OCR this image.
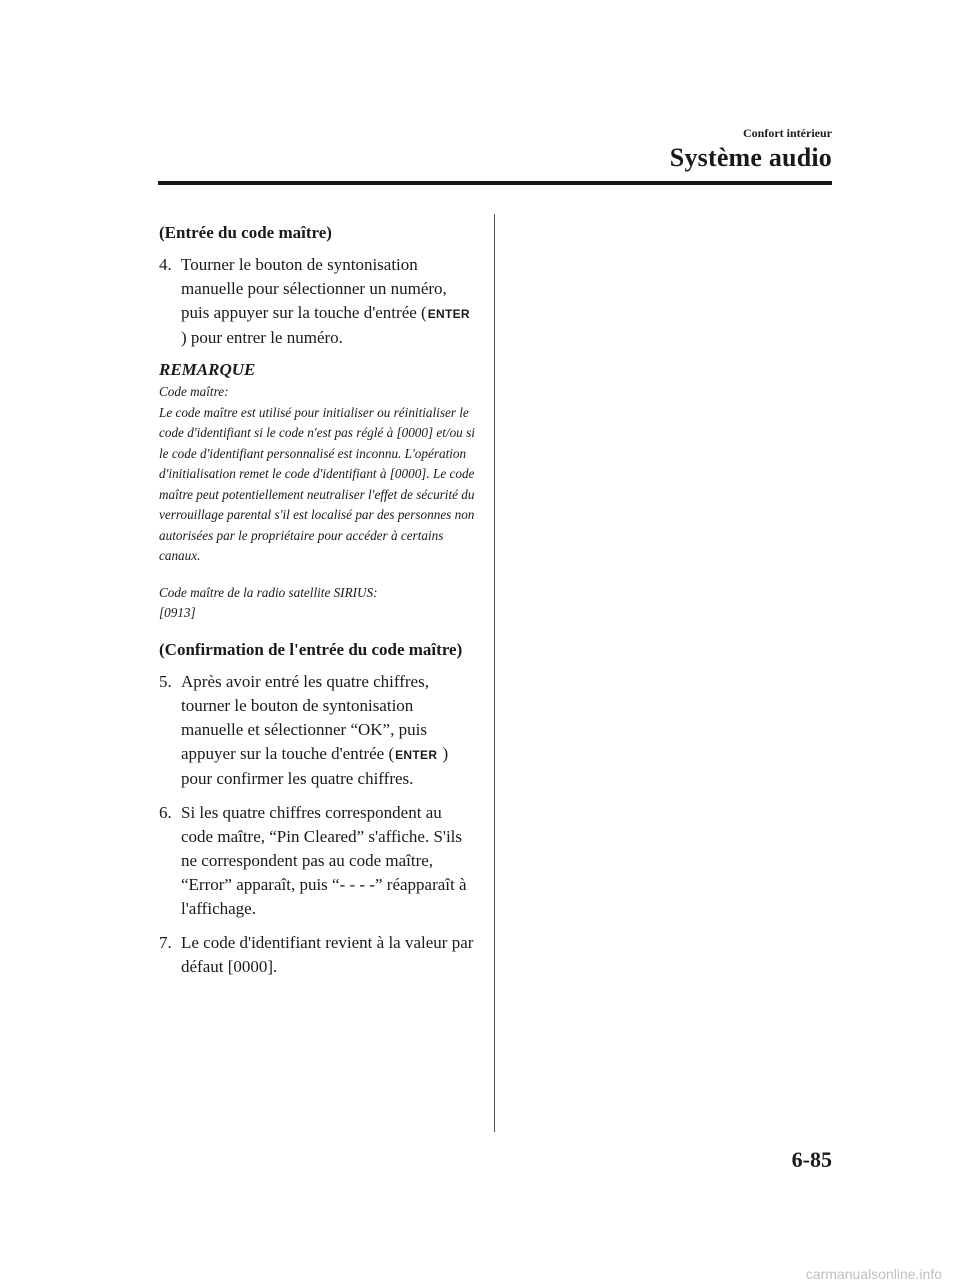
Confort intérieur
Système audio
(Entrée du code maître)
4. Tourner le bouton de syntonisation manuelle pour sélectionner un numéro, puis appuyer sur la touche d'entrée (ENTER ) pour entrer le numéro.
REMARQUE

Code maître:

Le code maître est utilisé pour initialiser ou réinitialiser le code d'identifiant si le code n'est pas réglé à [0000] et/ou si le code d'identifiant personnalisé est inconnu. L'opération d'initialisation remet le code d'identifiant à [0000]. Le code maître peut potentiellement neutraliser l'effet de sécurité du verrouillage parental s'il est localisé par des personnes non autorisées par le propriétaire pour accéder à certains canaux.

Code maître de la radio satellite SIRIUS:

[0913]

(Confirmation de l'entrée du code maître)
5. Après avoir entré les quatre chiffres, tourner le bouton de syntonisation manuelle et sélectionner “OK”, puis appuyer sur la touche d'entrée (ENTER ) pour confirmer les quatre chiffres.
6. Si les quatre chiffres correspondent au code maître, “Pin Cleared” s'affiche. S'ils ne correspondent pas au code maître, “Error” apparaît, puis “- - - -” réapparaît à l'affichage.
7. Le code d'identifiant revient à la valeur par défaut [0000].
6-85
carmanualsonline.info
